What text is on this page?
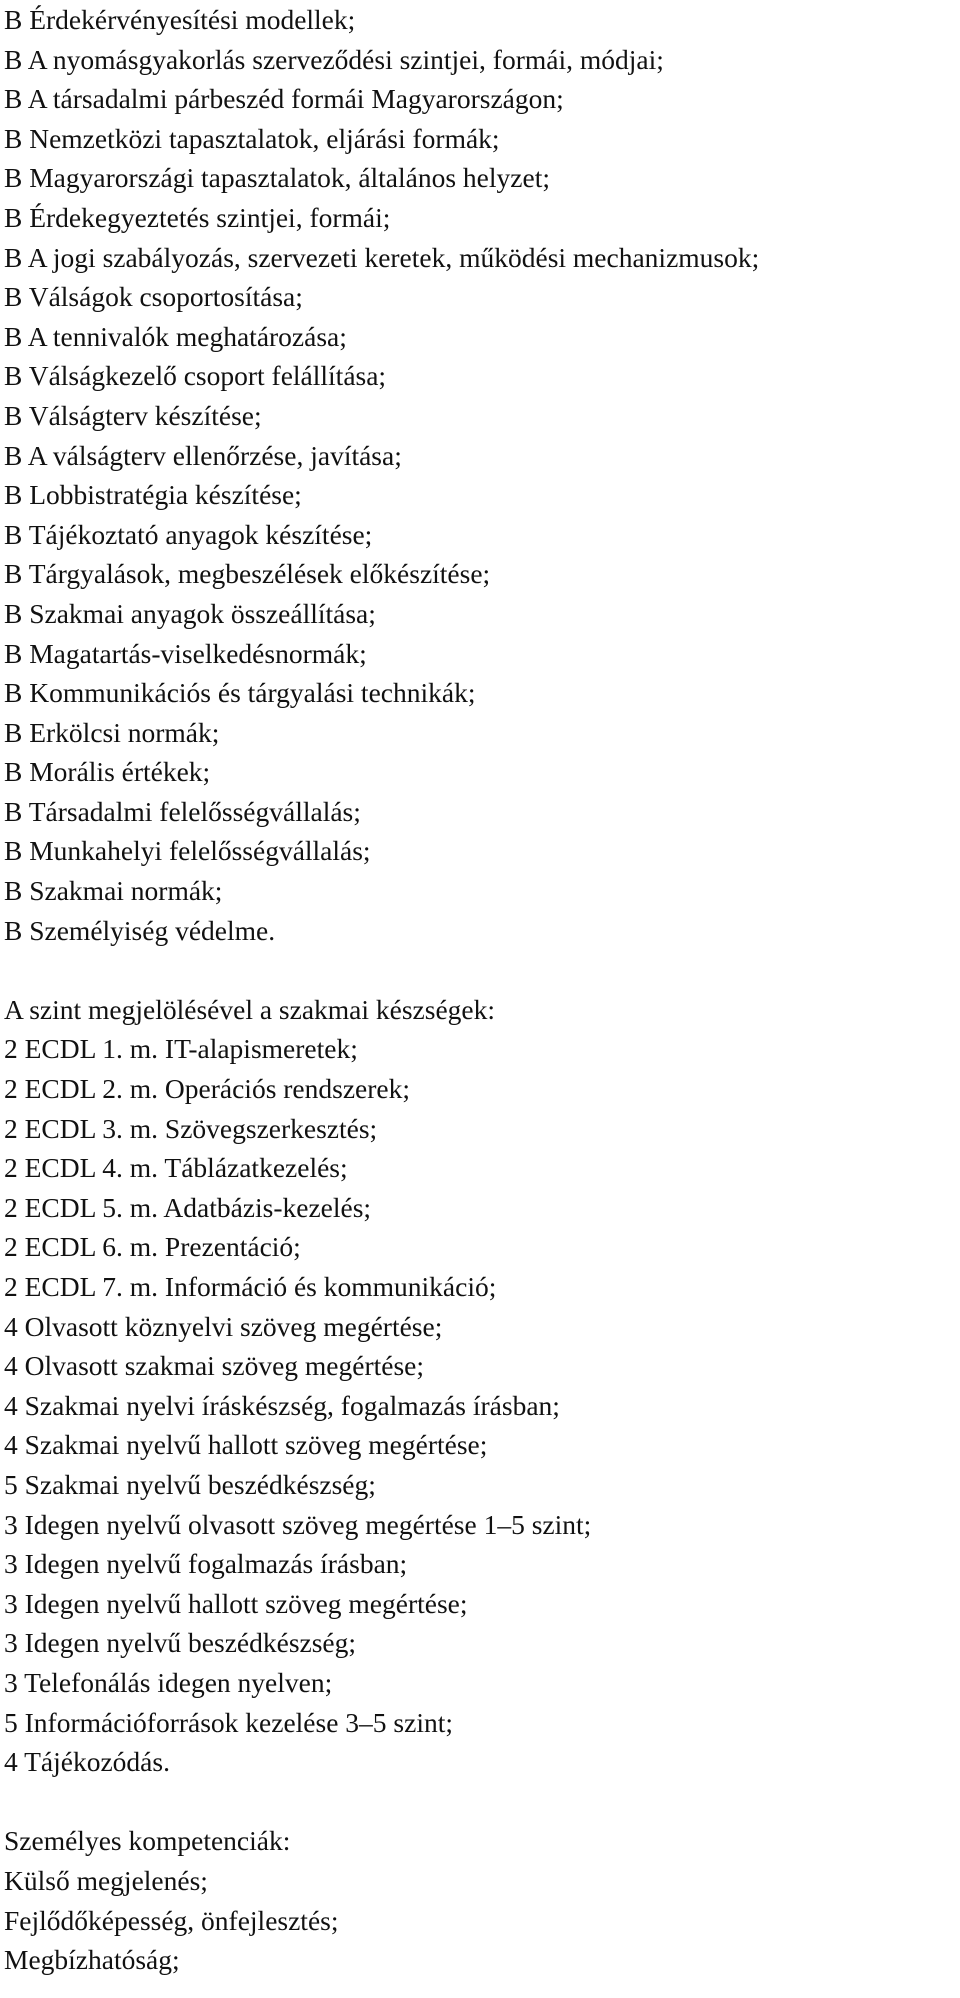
B Érdekérvényesítési modellek;

B A nyomásgyakorlás szerveződési szintjei, formái, módjai;

B A társadalmi párbeszéd formái Magyarországon;

B Nemzetközi tapasztalatok, eljárási formák;

B Magyarországi tapasztalatok, általános helyzet;

B Érdekegyeztetés szintjei, formái;

B A jogi szabályozás, szervezeti keretek, működési mechanizmusok;

B Válságok csoportosítása;

B A tennivalók meghatározása;

B Válságkezelő csoport felállítása;

B Válságterv készítése;

B A válságterv ellenőrzése, javítása;

B Lobbistratégia készítése;

B Tájékoztató anyagok készítése;

B Tárgyalások, megbeszélések előkészítése;

B Szakmai anyagok összeállítása;

B Magatartás-viselkedésnormák;

B Kommunikációs és tárgyalási technikák;

B Erkölcsi normák;

B Morális értékek;

B Társadalmi felelősségvállalás;

B Munkahelyi felelősségvállalás;

B Szakmai normák;

B Személyiség védelme.

A szint megjelölésével a szakmai készségek:

2 ECDL 1. m. IT-alapismeretek;

2 ECDL 2. m. Operációs rendszerek;

2 ECDL 3. m. Szövegszerkesztés;

2 ECDL 4. m. Táblázatkezelés;

2 ECDL 5. m. Adatbázis-kezelés;

2 ECDL 6. m. Prezentáció;

2 ECDL 7. m. Információ és kommunikáció;

4 Olvasott köznyelvi szöveg megértése;

4 Olvasott szakmai szöveg megértése;

4 Szakmai nyelvi íráskészség, fogalmazás írásban;

4 Szakmai nyelvű hallott szöveg megértése;

5 Szakmai nyelvű beszédkészség;

3 Idegen nyelvű olvasott szöveg megértése 1–5 szint;

3 Idegen nyelvű fogalmazás írásban;

3 Idegen nyelvű hallott szöveg megértése;

3 Idegen nyelvű beszédkészség;

3 Telefonálás idegen nyelven;

5 Információforrások kezelése 3–5 szint;

4 Tájékozódás.

Személyes kompetenciák:

Külső megjelenés;

Fejlődőképesség, önfejlesztés;

Megbízhatóság;
